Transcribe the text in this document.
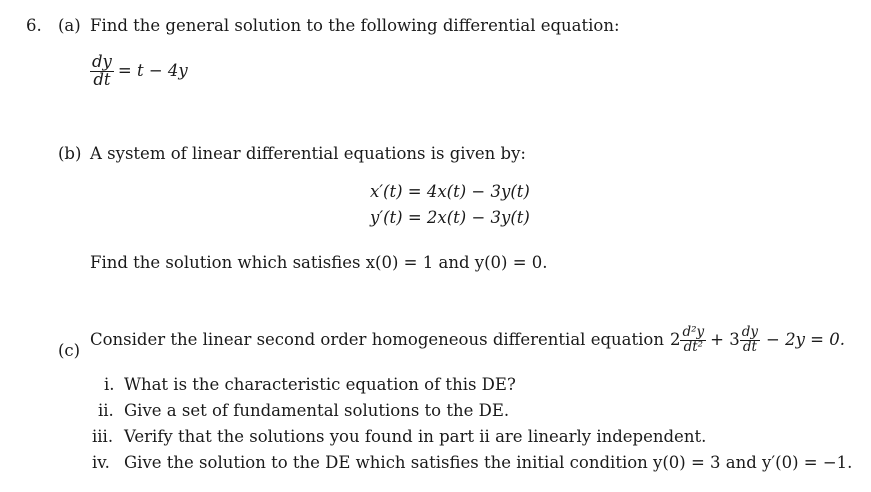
6. (a) Find the general solution to the following differential equation:
$\frac{dy}{dt} = t - 4y$
(b) A system of linear differential equations is given by:
x′(t) = 4x(t) − 3y(t)
y′(t) = 2x(t) − 3y(t)
Find the solution which satisfies x(0) = 1 and y(0) = 0.
(c)
Consider the linear second order homogeneous differential equation $2 \frac{\text{d²y}}{\text{dt²}} + 3 \frac{dy}{dt} - 2y = 0$.
i. What is the characteristic equation of this DE?
ii. Give a set of fundamental solutions to the DE.
iii. Verify that the solutions you found in part ii are linearly independent.
iv. Give the solution to the DE which satisfies the initial condition y(0) = 3 and y′(0) = −1.
